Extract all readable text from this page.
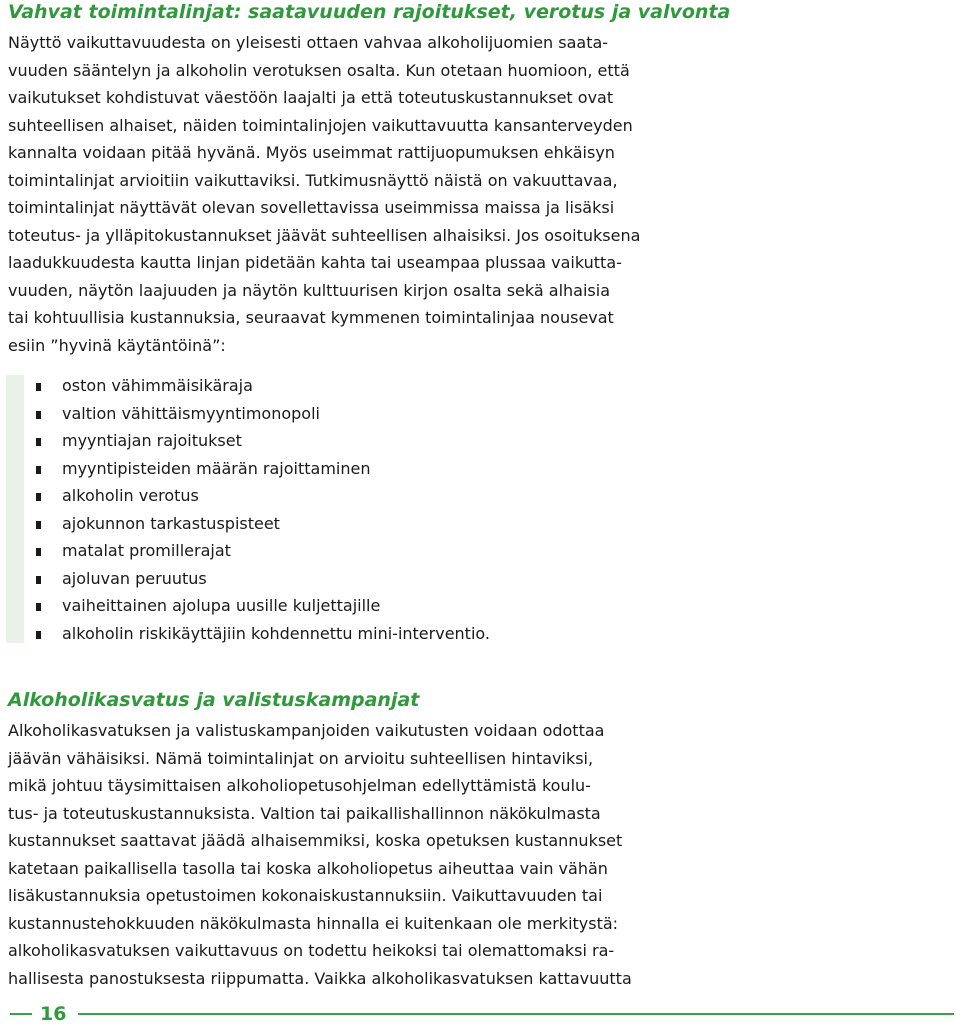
Vahvat toimintalinjat: saatavuuden rajoitukset, verotus ja valvonta

Näyttö vaikuttavuudesta on yleisesti ottaen vahvaa alkoholijuomien saata-
vuuden sääntelyn ja alkoholin verotuksen osalta. Kun otetaan huomioon, että
vaikutukset kohdistuvat väestöön laajalti ja että toteutuskustannukset ovat
suhteellisen alhaiset, näiden toimintalinjojen vaikuttavuutta kansanterveyden
kannalta voidaan pitää hyvänä. Myös useimmat rattijuopumuksen ehkäisyn
toimintalinjat arvioitiin vaikuttaviksi. Tutkimusnäyttö näistä on vakuuttavaa,
toimintalinjat näyttävät olevan sovellettavissa useimmissa maissa ja lisäksi
toteutus- ja ylläpitokustannukset jäävät suhteellisen alhaisiksi. Jos osoituksena
laadukkuudesta kautta linjan pidetään kahta tai useampaa plussaa vaikutta-
vuuden, näytön laajuuden ja näytön kulttuurisen kirjon osalta sekä alhaisia
tai kohtuullisia kustannuksia, seuraavat kymmenen toimintalinjaa nousevat
esiin ”hyvinä käytäntöinä”:

oston vähimmäisikäraja
valtion vähittäismyyntimonopoli
myyntiajan rajoitukset
myyntipisteiden määrän rajoittaminen
alkoholin verotus
ajokunnon tarkastuspisteet
matalat promillerajat
ajoluvan peruutus
vaiheittainen ajolupa uusille kuljettajille
alkoholin riskikäyttäjiin kohdennettu mini-interventio.
Alkoholikasvatus ja valistuskampanjat

Alkoholikasvatuksen ja valistuskampanjoiden vaikutusten voidaan odottaa
jäävän vähäisiksi. Nämä toimintalinjat on arvioitu suhteellisen hintaviksi,
mikä johtuu täysimittaisen alkoholiopetusohjelman edellyttämistä koulu-
tus- ja toteutuskustannuksista. Valtion tai paikallishallinnon näkökulmasta
kustannukset saattavat jäädä alhaisemmiksi, koska opetuksen kustannukset
katetaan paikallisella tasolla tai koska alkoholiopetus aiheuttaa vain vähän
lisäkustannuksia opetustoimen kokonaiskustannuksiin. Vaikuttavuuden tai
kustannustehokkuuden näkökulmasta hinnalla ei kuitenkaan ole merkitystä:
alkoholikasvatuksen vaikuttavuus on todettu heikoksi tai olemattomaksi ra-
hallisesta panostuksesta riippumatta. Vaikka alkoholikasvatuksen kattavuutta

16
